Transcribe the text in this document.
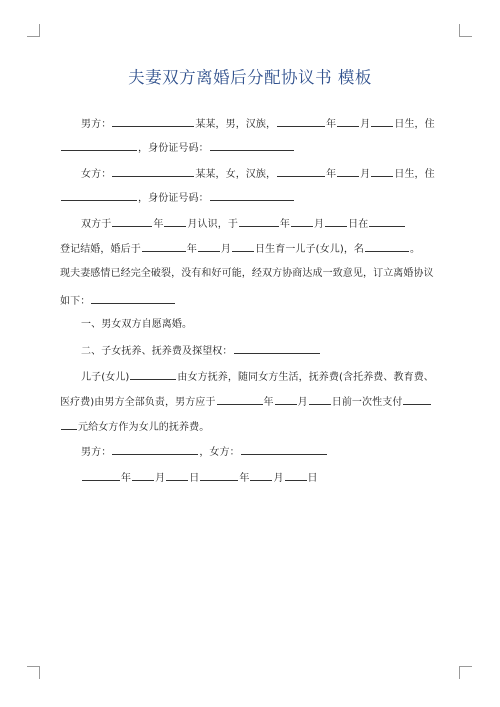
夫妻双方离婚后分配协议书 模板
男方：	某某，男，汉族，	年 月 日生，住
，身份证号码：
女方：	某某，女，汉族，	年 月 日生，住
，身份证号码：
双方于	年 月认识，于	年 月 日在
登记结婚，婚后于	年 月 日生育一儿子(女儿)，名	。
现夫妻感情已经完全破裂，没有和好可能，经双方协商达成一致意见，订立离婚协议
如下：
一、男女双方自愿离婚。
二、子女抚养、抚养费及探望权：
儿子(女儿)	由女方抚养，随同女方生活，抚养费(含托养费、教育费、
医疗费)由男方全部负责，男方应于	年 月 日前一次性支付
元给女方作为女儿的抚养费。
男方：	，女方：
年 月 日	年 月 日
